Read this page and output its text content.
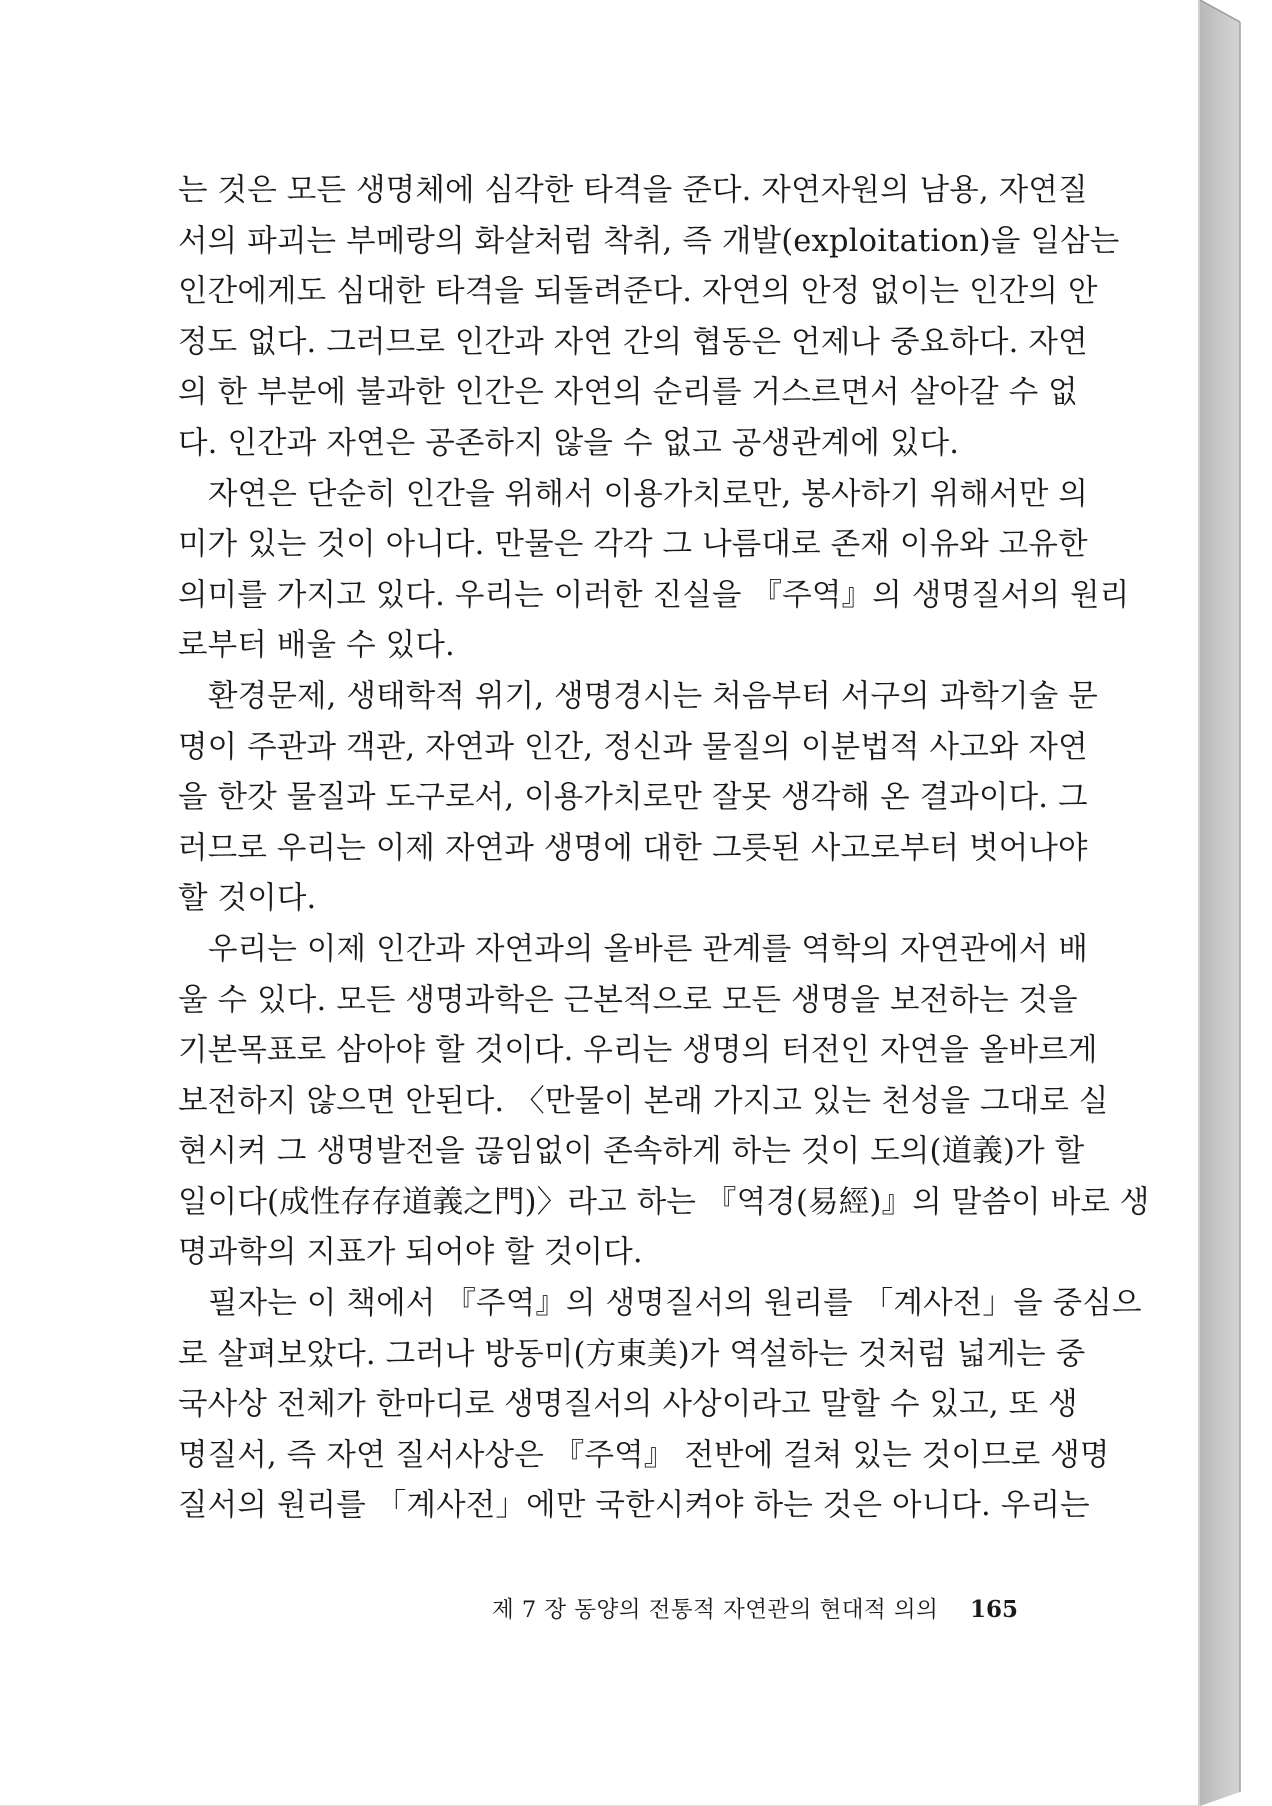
는 것은 모든 생명체에 심각한 타격을 준다. 자연자원의 남용, 자연질
서의 파괴는 부메랑의 화살처럼 착취, 즉 개발(exploitation)을 일삼는
인간에게도 심대한 타격을 되돌려준다. 자연의 안정 없이는 인간의 안
정도 없다. 그러므로 인간과 자연 간의 협동은 언제나 중요하다. 자연
의 한 부분에 불과한 인간은 자연의 순리를 거스르면서 살아갈 수 없
다. 인간과 자연은 공존하지 않을 수 없고 공생관계에 있다.
자연은 단순히 인간을 위해서 이용가치로만, 봉사하기 위해서만 의
미가 있는 것이 아니다. 만물은 각각 그 나름대로 존재 이유와 고유한
의미를 가지고 있다. 우리는 이러한 진실을 『주역』의 생명질서의 원리
로부터 배울 수 있다.
환경문제, 생태학적 위기, 생명경시는 처음부터 서구의 과학기술 문
명이 주관과 객관, 자연과 인간, 정신과 물질의 이분법적 사고와 자연
을 한갓 물질과 도구로서, 이용가치로만 잘못 생각해 온 결과이다. 그
러므로 우리는 이제 자연과 생명에 대한 그릇된 사고로부터 벗어나야
할 것이다.
우리는 이제 인간과 자연과의 올바른 관계를 역학의 자연관에서 배
울 수 있다. 모든 생명과학은 근본적으로 모든 생명을 보전하는 것을
기본목표로 삼아야 할 것이다. 우리는 생명의 터전인 자연을 올바르게
보전하지 않으면 안된다. 〈만물이 본래 가지고 있는 천성을 그대로 실
현시켜 그 생명발전을 끊임없이 존속하게 하는 것이 도의(道義)가 할
일이다(成性存存道義之門)〉라고 하는 『역경(易經)』의 말씀이 바로 생
명과학의 지표가 되어야 할 것이다.
필자는 이 책에서 『주역』의 생명질서의 원리를 「계사전」을 중심으
로 살펴보았다. 그러나 방동미(方東美)가 역설하는 것처럼 넓게는 중
국사상 전체가 한마디로 생명질서의 사상이라고 말할 수 있고, 또 생
명질서, 즉 자연 질서사상은 『주역』 전반에 걸쳐 있는 것이므로 생명
질서의 원리를 「계사전」에만 국한시켜야 하는 것은 아니다. 우리는
제 7 장 동양의 전통적 자연관의 현대적 의의 165
